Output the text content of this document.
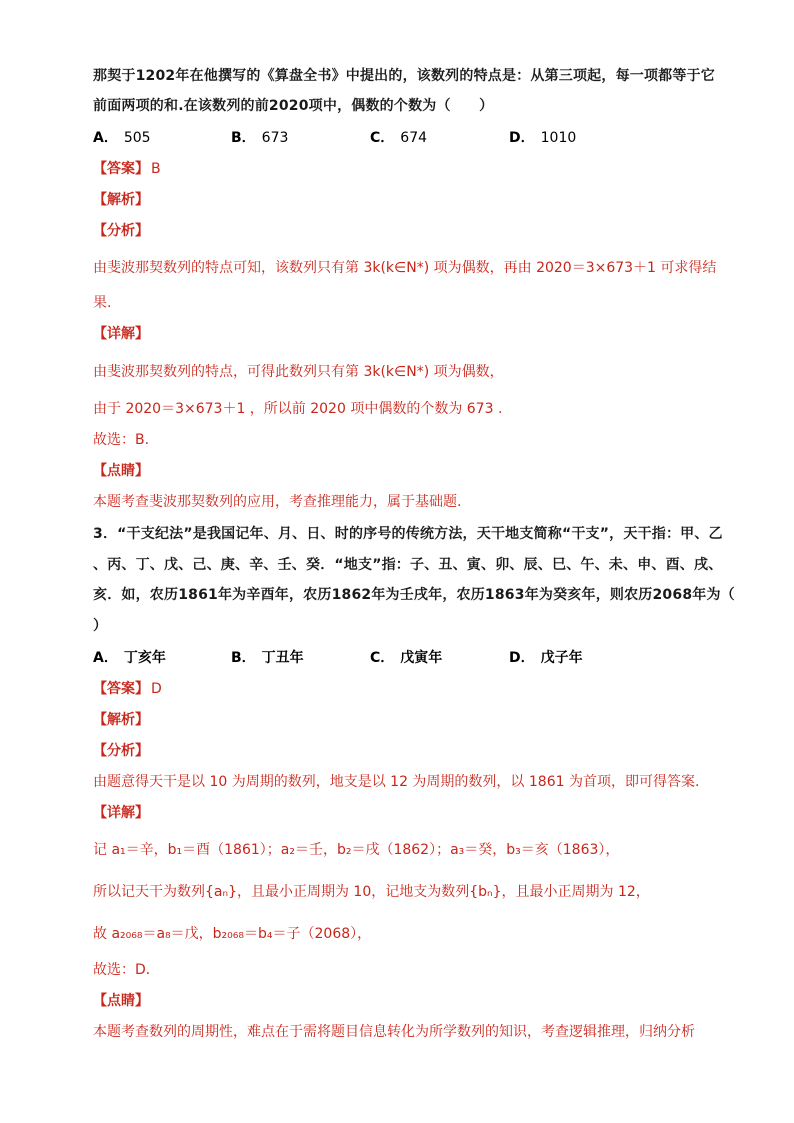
那契于1202年在他撰写的《算盘全书》中提出的，该数列的特点是：从第三项起，每一项都等于它
前面两项的和.在该数列的前2020项中，偶数的个数为（　　）
A． 505	B． 673	C． 674	D． 1010
【答案】 B
【解析】
【分析】
由斐波那契数列的特点可知，该数列只有第 3k(k∈N*) 项为偶数，再由 2020＝3×673＋1 可求得结
果.
【详解】
由斐波那契数列的特点，可得此数列只有第 3k(k∈N*) 项为偶数，
由于 2020＝3×673＋1 ，所以前 2020 项中偶数的个数为 673 .
故选：B.
【点睛】
本题考查斐波那契数列的应用，考查推理能力，属于基础题.
3．“干支纪法”是我国记年、月、日、时的序号的传统方法，天干地支简称“干支”，天干指：甲、乙
、丙、丁、戊、己、庚、辛、壬、癸．“地支”指：子、丑、寅、卯、辰、巳、午、未、申、酉、戌、
亥．如，农历1861年为辛酉年，农历1862年为壬戌年，农历1863年为癸亥年，则农历2068年为（
）
A． 丁亥年	B． 丁丑年	C． 戊寅年	D． 戊子年
【答案】 D
【解析】
【分析】
由题意得天干是以 10 为周期的数列，地支是以 12 为周期的数列，以 1861 为首项，即可得答案.
【详解】
记 a₁＝辛，b₁＝酉（1861）；a₂＝壬，b₂＝戌（1862）；a₃＝癸，b₃＝亥（1863），
所以记天干为数列{aₙ}，且最小正周期为 10，记地支为数列{bₙ}，且最小正周期为 12，
故 a₂₀₆₈＝a₈＝戊，b₂₀₆₈＝b₄＝子（2068），
故选：D．
【点睛】
本题考查数列的周期性，难点在于需将题目信息转化为所学数列的知识，考查逻辑推理，归纳分析
